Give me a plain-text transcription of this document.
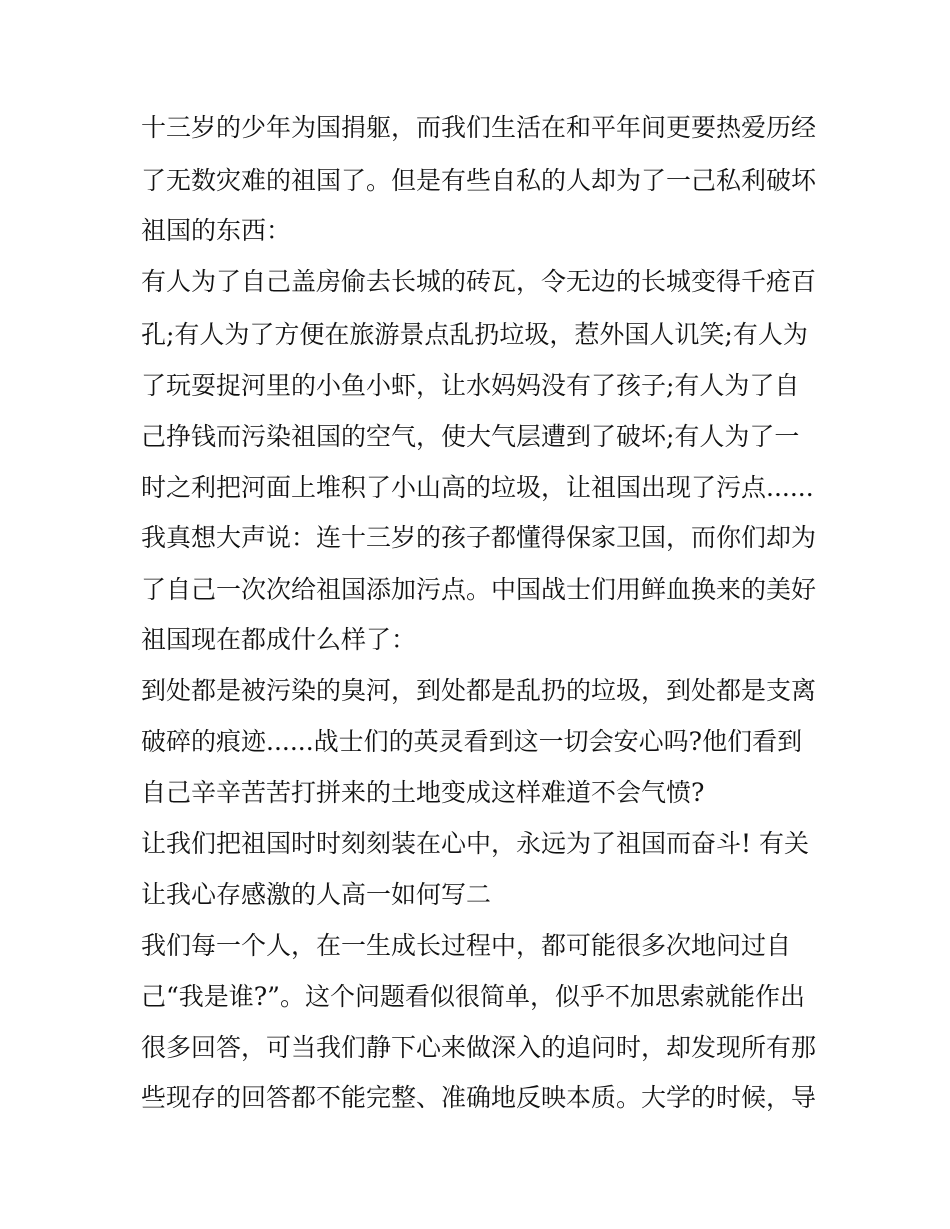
十三岁的少年为国捐躯，而我们生活在和平年间更要热爱历经
了无数灾难的祖国了。但是有些自私的人却为了一己私利破坏
祖国的东西：
有人为了自己盖房偷去长城的砖瓦，令无边的长城变得千疮百
孔;有人为了方便在旅游景点乱扔垃圾，惹外国人讥笑;有人为
了玩耍捉河里的小鱼小虾，让水妈妈没有了孩子;有人为了自
己挣钱而污染祖国的空气，使大气层遭到了破坏;有人为了一
时之利把河面上堆积了小山高的垃圾，让祖国出现了污点......
我真想大声说：连十三岁的孩子都懂得保家卫国，而你们却为
了自己一次次给祖国添加污点。中国战士们用鲜血换来的美好
祖国现在都成什么样了：
到处都是被污染的臭河，到处都是乱扔的垃圾，到处都是支离
破碎的痕迹......战士们的英灵看到这一切会安心吗?他们看到
自己辛辛苦苦打拼来的土地变成这样难道不会气愤?
让我们把祖国时时刻刻装在心中，永远为了祖国而奋斗! 有关
让我心存感激的人高一如何写二
我们每一个人，在一生成长过程中，都可能很多次地问过自
己“我是谁?”。这个问题看似很简单，似乎不加思索就能作出
很多回答，可当我们静下心来做深入的追问时，却发现所有那
些现存的回答都不能完整、准确地反映本质。大学的时候，导
